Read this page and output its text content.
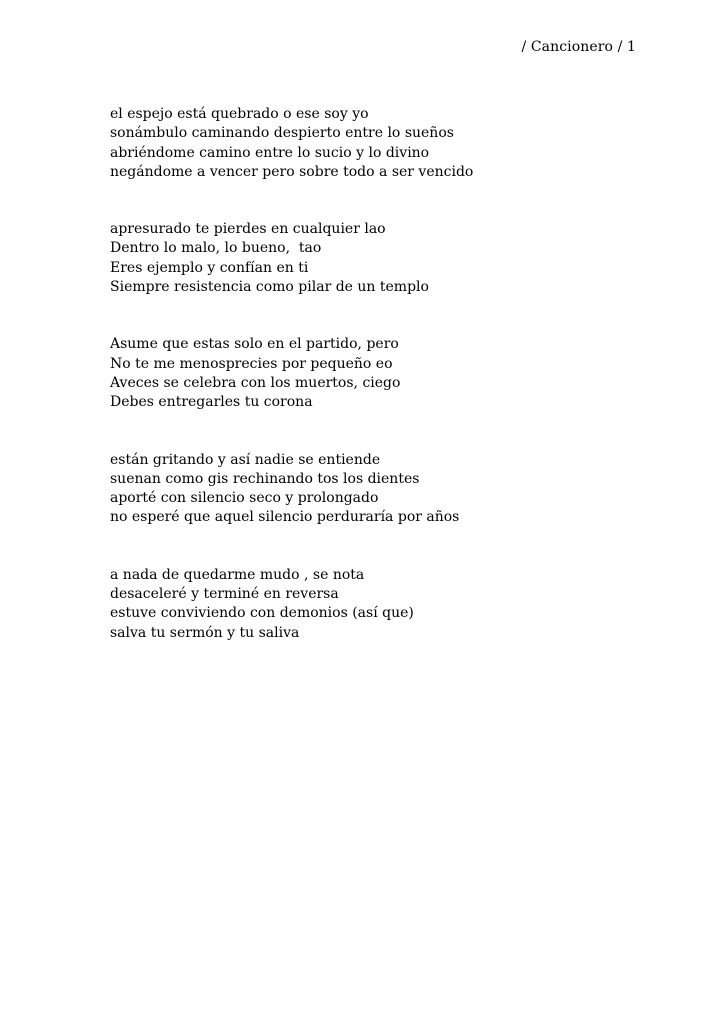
/ Cancionero / 1
el espejo está quebrado o ese soy yo
sonámbulo caminando despierto entre lo sueños
abriéndome camino entre lo sucio y lo divino
negándome a vencer pero sobre todo a ser vencido
apresurado te pierdes en cualquier lao
Dentro lo malo, lo bueno,  tao
Eres ejemplo y confían en ti
Siempre resistencia como pilar de un templo
Asume que estas solo en el partido, pero
No te me menosprecies por pequeño eo
Aveces se celebra con los muertos, ciego
Debes entregarles tu corona
están gritando y así nadie se entiende
suenan como gis rechinando tos los dientes
aporté con silencio seco y prolongado
no esperé que aquel silencio perduraría por años
a nada de quedarme mudo , se nota
desaceleré y terminé en reversa
estuve conviviendo con demonios (así que)
salva tu sermón y tu saliva
